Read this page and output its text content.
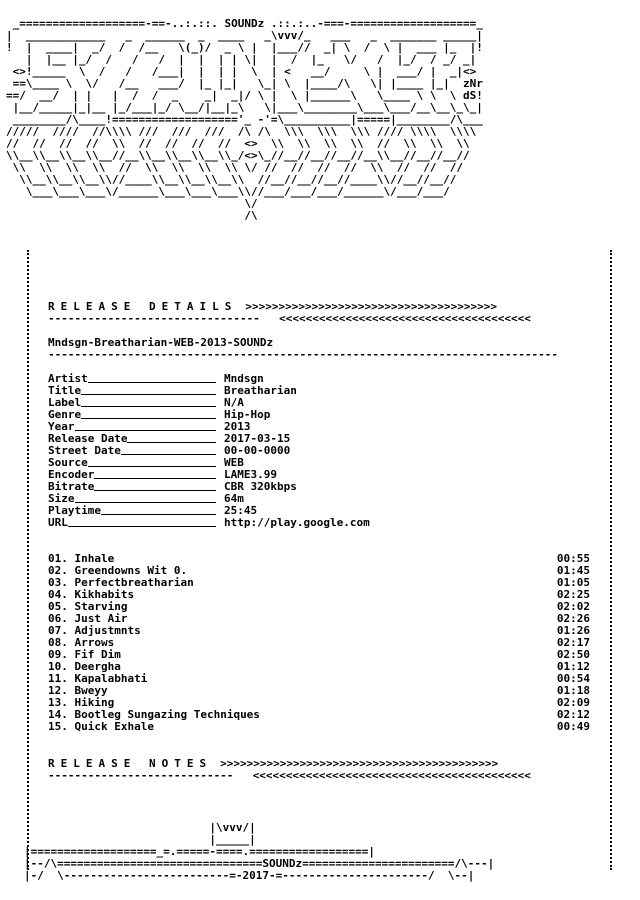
_===================-==-..:.::. SOUNDz .::.:..-===-===================_
|  ____________   _  ______  _  ____   _\vvv/_   ___   _  _______ _____|
!  |  ____|  _/  /  /__   \(_)/  _ \ |  |___//  _| \  /  \ |  ___ |_  |!
|  |__ |_/  /   /   /  |  |  | | \|  |  /  |_   \/   /  |_/  / _/ _|
<>!_____  \  /   /   /___|  |  | |  \  | <   __/     \ |  ___/ |  _|<>
==\____ \  \/   /__   ___/  |_ |_|   \_| \  |____/\   \| |____ |_|  zNr
==/  __/  | |   |  /  /  _    _|  _|/ \ |  \ |______\   \____ \ \  \ dS!
|__/_____|_|__ |_/___|_/ \__/|__|_\   \|___\________\___\___/__\__\_\_|
________/\____!==================='_ -'=\__________|=====|________/\___
/////  ////  //\\\\ ///  ///  ///  /\ /\  \\\  \\\  \\\ //// \\\\  \\\\
//  //  //  //  \\  //  //  //  //  <>  \\  \\  \\  \\  //  \\  \\  \\
\\__\\__\\__\\__//__\\__\\__\\__\\_/<>\_//__//__//__//__\\__//__//__//
\\  \\  \\  \\  //  \\  \\  \\  \\ \/ //  //  //  //  \\  //  //  //
\\__\\__\\__\\//____\\__\\__\\__\\  //__//__//__//____\\//__//__//
\___\___\___\/______\___\___\___\\//___/___/___/______\/___/___/
\/
/\

RELEASE DETAILS >>>>>>>>>>>>>>>>>>>>>>>>>>>>>>>>>>>>>>
-------------------------------- <<<<<<<<<<<<<<<<<<<<<<<<<<<<<<<<<<<<<<
Mndsgn-Breatharian-WEB-2013-SOUNDz
-----------------------------------------------------------------------------
Artist	Mndsgn
Title	Breatharian
Label	N/A
Genre	Hip-Hop
Year	2013
Release Date	2017-03-15
Street Date	00-00-0000
Source	WEB
Encoder	LAME3.99
Bitrate	CBR 320kbps
Size	64m
Playtime	25:45
URL	http://play.google.com
01. Inhale	00:55
02. Greendowns Wit 0.	01:45
03. Perfectbreatharian	01:05
04. Kikhabits	02:25
05. Starving	02:02
06. Just Air	02:26
07. Adjustmnts	01:26
08. Arrows	02:17
09. Fif Dim	02:50
10. Deergha	01:12
11. Kapalabhati	00:54
12. Bweyy	01:18
13. Hiking	02:09
14. Bootleg Sungazing Techniques	02:12
15. Quick Exhale	00:49
RELEASE NOTES >>>>>>>>>>>>>>>>>>>>>>>>>>>>>>>>>>>>>>>>>>
---------------------------- <<<<<<<<<<<<<<<<<<<<<<<<<<<<<<<<<<<<<<<<<<
|\vvv/|
|_____|
|===================_=.=====-====.==================|
|--/\===============================SOUNDz=======================/\---|
|-/  \-------------------------=-2017-=----------------------/  \--|
